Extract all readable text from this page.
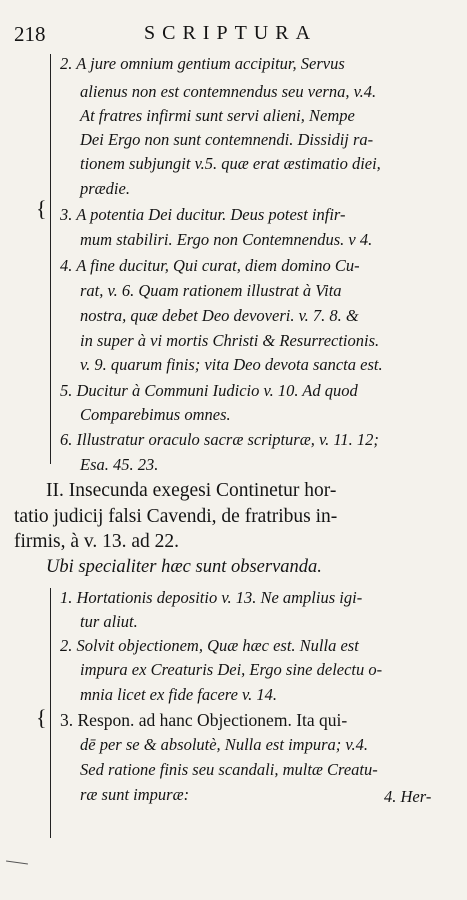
218	SCRIPTURA
{
2. A jure omnium gentium accipitur, Servus
alienus non est contemnendus seu verna, v.4.
At fratres infirmi sunt servi alieni, Nempe
Dei Ergo non sunt contemnendi. Dissidij ra-
tionem subjungit v.5. quæ erat æstimatio diei,
prædie.
3. A potentia Dei ducitur. Deus potest infir-
mum stabiliri. Ergo non Contemnendus. v 4.
4. A fine ducitur, Qui curat, diem domino Cu-
rat, v. 6. Quam rationem illustrat à Vita
nostra, quæ debet Deo devoveri. v. 7. 8. &
in super à vi mortis Christi & Resurrectionis.
v. 9. quarum finis; vita Deo devota sancta est.
5. Ducitur à Communi Iudicio v. 10. Ad quod
Comparebimus omnes.
6. Illustratur oraculo sacræ scripturæ, v. 11. 12;
Esa. 45. 23.
II. Insecunda exegesi Continetur hor-
tatio judicij falsi Cavendi, de fratribus in-
firmis, à v. 13. ad 22.
Ubi specialiter hæc sunt observanda.
{
1. Hortationis depositio v. 13. Ne amplius igi-
tur aliut.
2. Solvit objectionem, Quæ hæc est. Nulla est
impura ex Creaturis Dei, Ergo sine delectu o-
mnia licet ex fide facere v. 14.
3. Respon. ad hanc Objectionem. Ita qui-
dē per se & absolutè, Nulla est impura; v.4.
Sed ratione finis seu scandali, multæ Creatu-
ræ sunt impuræ:	4. Her-
